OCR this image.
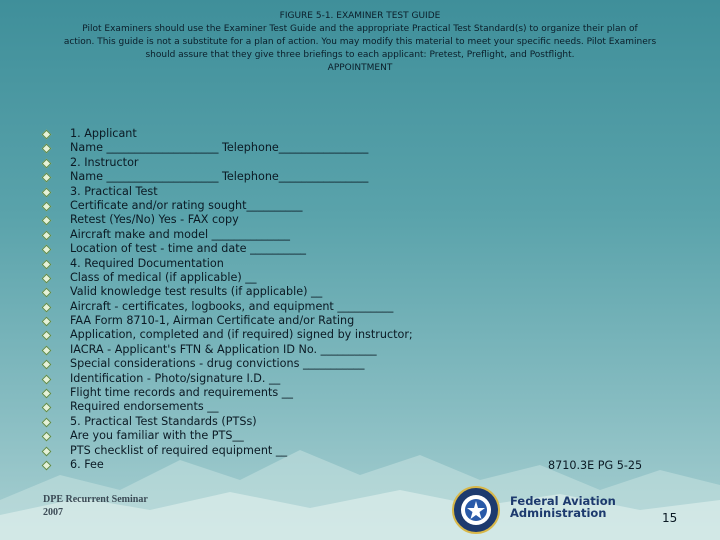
FIGURE 5-1. EXAMINER TEST GUIDE
Pilot Examiners should use the Examiner Test Guide and the appropriate Practical Test Standard(s) to organize their plan of
action. This guide is not a substitute for a plan of action. You may modify this material to meet your specific needs. Pilot Examiners
should assure that they give three briefings to each applicant: Pretest, Preflight, and Postflight.
APPOINTMENT
1. Applicant
Name ____________________ Telephone________________
2. Instructor
Name ____________________ Telephone________________
3. Practical Test
Certificate and/or rating sought__________
Retest (Yes/No) Yes - FAX copy
Aircraft make and model ______________
Location of test - time and date __________
4. Required Documentation
Class of medical (if applicable) __
Valid knowledge test results (if applicable) __
Aircraft - certificates, logbooks, and equipment __________
FAA Form 8710-1, Airman Certificate and/or Rating
Application, completed and (if required) signed by instructor;
IACRA - Applicant's FTN & Application ID No. __________
Special considerations - drug convictions ___________
Identification - Photo/signature I.D. __
Flight time records and requirements __
Required endorsements __
5. Practical Test Standards (PTSs)
Are you familiar with the PTS__
PTS checklist of required equipment __
6. Fee	8710.3E PG 5-25
DPE Recurrent Seminar
2007
Federal Aviation
Administration	15
